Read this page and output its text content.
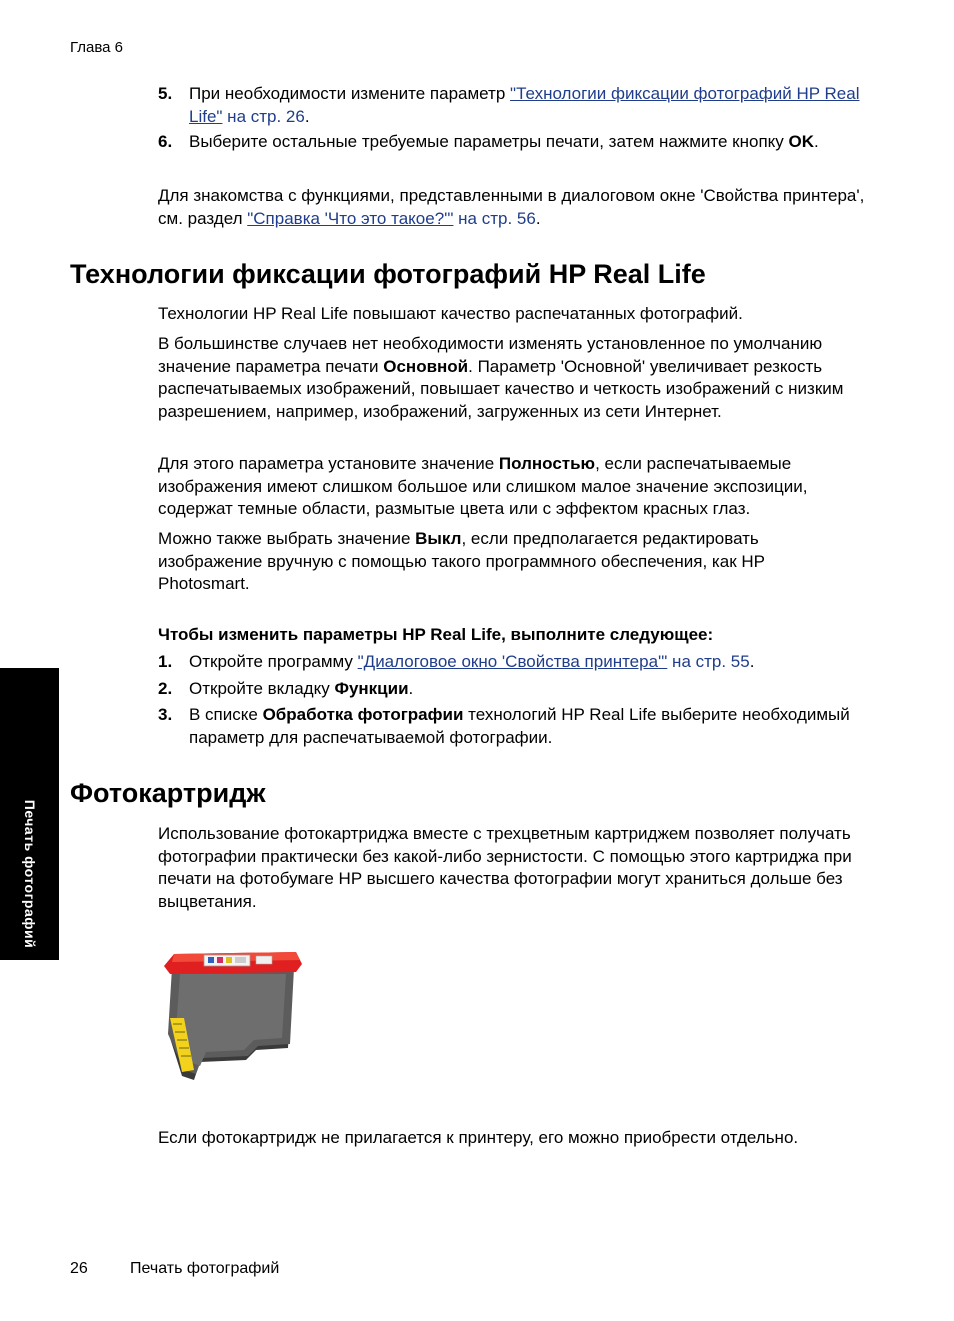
Глава 6
5. При необходимости измените параметр "Технологии фиксации фотографий HP Real Life" на стр. 26.
6. Выберите остальные требуемые параметры печати, затем нажмите кнопку OK.
Для знакомства с функциями, представленными в диалоговом окне 'Свойства принтера', см. раздел "Справка 'Что это такое?'" на стр. 56.
Технологии фиксации фотографий HP Real Life
Технологии HP Real Life повышают качество распечатанных фотографий.
В большинстве случаев нет необходимости изменять установленное по умолчанию значение параметра печати Основной. Параметр 'Основной' увеличивает резкость распечатываемых изображений, повышает качество и четкость изображений с низким разрешением, например, изображений, загруженных из сети Интернет.
Для этого параметра установите значение Полностью, если распечатываемые изображения имеют слишком большое или слишком малое значение экспозиции, содержат темные области, размытые цвета или с эффектом красных глаз.
Можно также выбрать значение Выкл, если предполагается редактировать изображение вручную с помощью такого программного обеспечения, как HP Photosmart.
Чтобы изменить параметры HP Real Life, выполните следующее:
1. Откройте программу "Диалоговое окно 'Свойства принтера'" на стр. 55.
2. Откройте вкладку Функции.
3. В списке Обработка фотографии технологий HP Real Life выберите необходимый параметр для распечатываемой фотографии.
Фотокартридж
Использование фотокартриджа вместе с трехцветным картриджем позволяет получать фотографии практически без какой-либо зернистости. С помощью этого картриджа при печати на фотобумаге HP высшего качества фотографии могут храниться дольше без выцветания.
Если фотокартридж не прилагается к принтеру, его можно приобрести отдельно.
Печать фотографий
26	Печать фотографий
